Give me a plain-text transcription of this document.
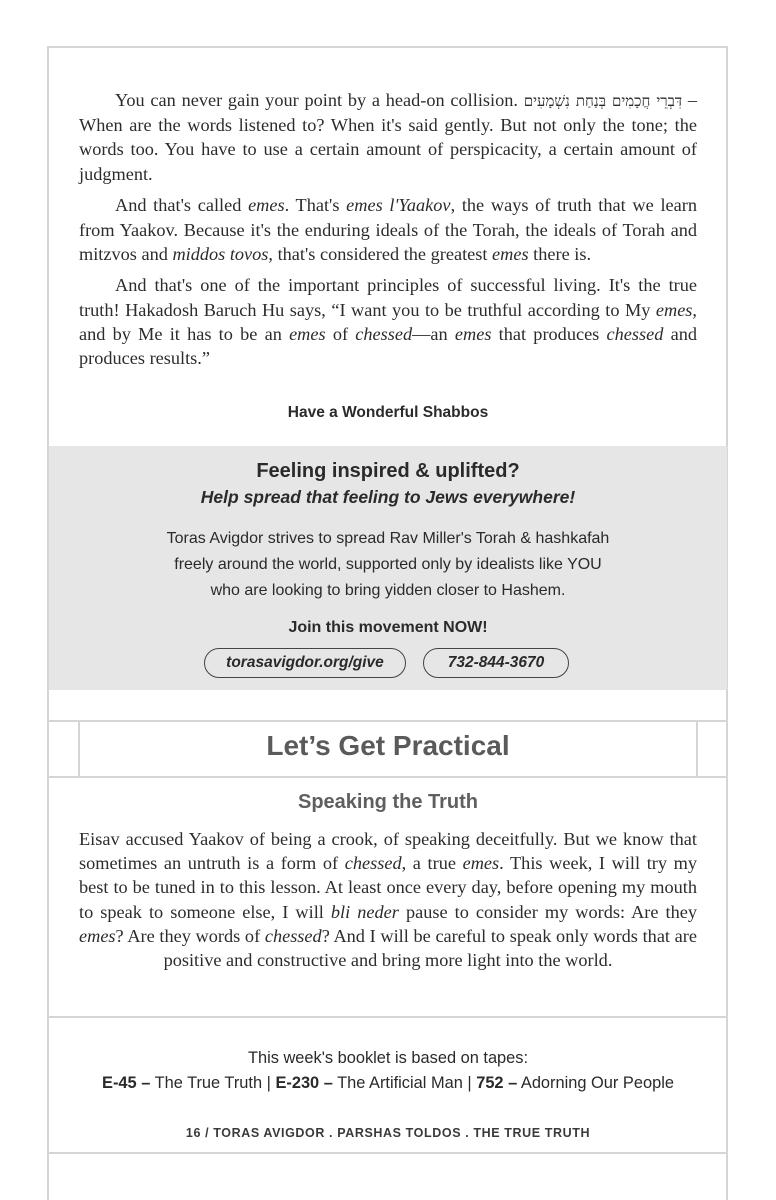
You can never gain your point by a head-on collision. דִּבְרֵי חֲכָמִים בְּנַחַת נִשְׁמָעִים – When are the words listened to? When it's said gently. But not only the tone; the words too. You have to use a certain amount of perspicacity, a certain amount of judgment.

And that's called emes. That's emes l'Yaakov, the ways of truth that we learn from Yaakov. Because it's the enduring ideals of the Torah, the ideals of Torah and mitzvos and middos tovos, that's considered the greatest emes there is.

And that's one of the important principles of successful living. It's the true truth! Hakadosh Baruch Hu says, “I want you to be truthful according to My emes, and by Me it has to be an emes of chessed—an emes that produces chessed and produces results.”

Have a Wonderful Shabbos
Feeling inspired & uplifted?
Help spread that feeling to Jews everywhere!
Toras Avigdor strives to spread Rav Miller's Torah & hashkafah
freely around the world, supported only by idealists like YOU
who are looking to bring yidden closer to Hashem.
Join this movement NOW!
torasavigdor.org/give	732-844-3670
Let’s Get Practical
Speaking the Truth
Eisav accused Yaakov of being a crook, of speaking deceitfully. But we know that sometimes an untruth is a form of chessed, a true emes. This week, I will try my best to be tuned in to this lesson. At least once every day, before opening my mouth to speak to someone else, I will bli neder pause to consider my words: Are they emes? Are they words of chessed? And I will be careful to speak only words that are positive and constructive and bring more light into the world.
This week's booklet is based on tapes:
E-45 – The True Truth | E-230 – The Artificial Man | 752 – Adorning Our People
16 / TORAS AVIGDOR . PARSHAS TOLDOS . THE TRUE TRUTH
